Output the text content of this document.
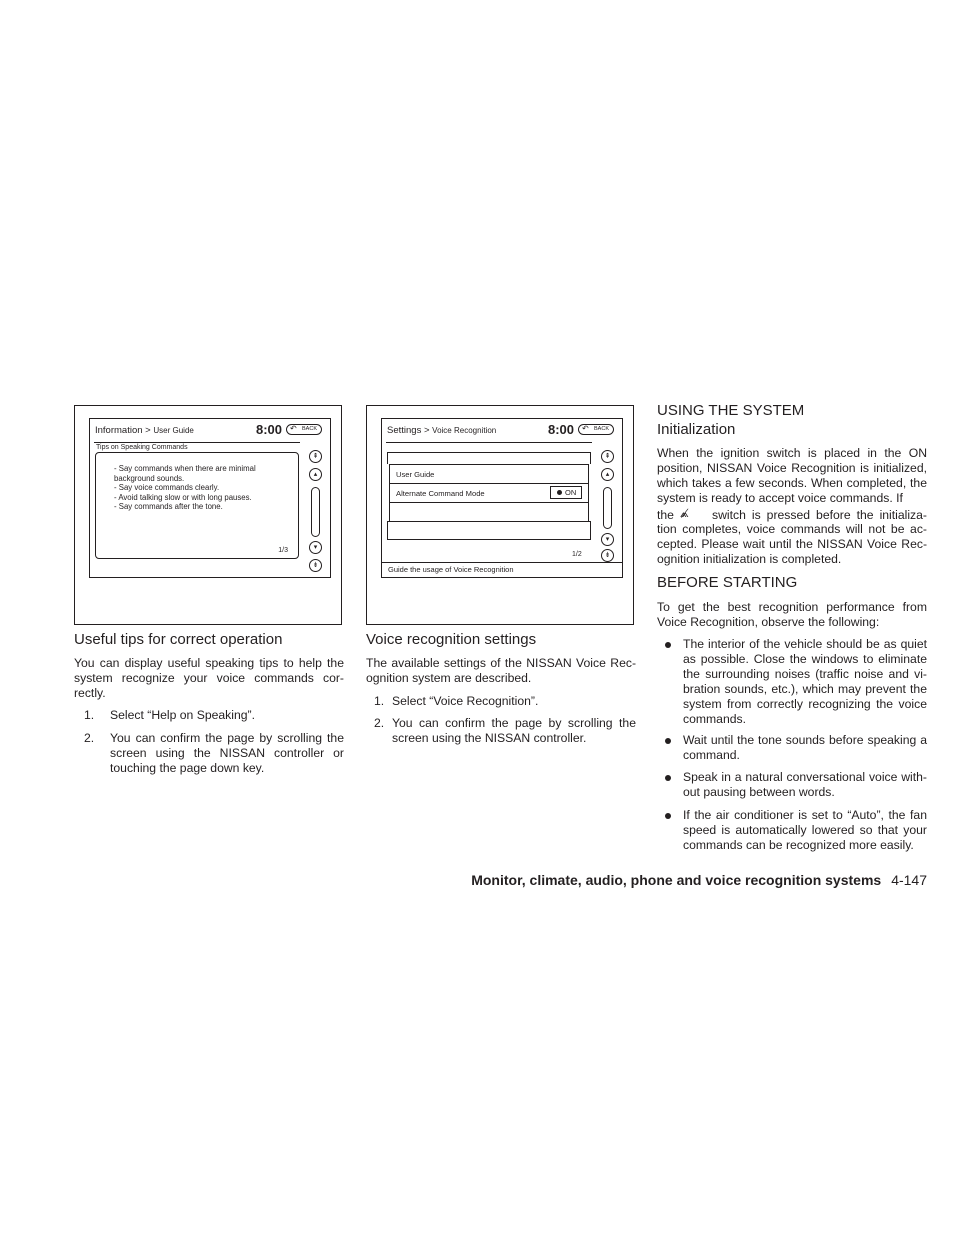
Information > User Guide	8:00 ↶ BACK
Tips on Speaking Commands
- Say commands when there are minimal
background sounds.
- Say voice commands clearly.
- Avoid talking slow or with long pauses.
- Say commands after the tone.
1/3
⇞
▴
▾
⇟
Useful tips for correct operation
You can display useful speaking tips to help the system recognize your voice commands cor-rectly.
1. Select “Help on Speaking”.
2. You can confirm the page by scrolling the screen using the NISSAN controller or touching the page down key.
Settings > Voice Recognition	8:00 ↶ BACK
User Guide
Alternate Command Mode	ON
1/2
⇞
▴
▾
⇟
Guide the usage of Voice Recognition
Voice recognition settings
The available settings of the NISSAN Voice Rec-ognition system are described.
1. Select “Voice Recognition”.
2. You can confirm the page by scrolling the screen using the NISSAN controller.
USING THE SYSTEM
Initialization
When the ignition switch is placed in the ON position, NISSAN Voice Recognition is initialized, which takes a few seconds. When completed, the system is ready to accept voice commands. If
the ⩕̸ switch is pressed before the initializa-
tion completes, voice commands will not be ac-cepted. Please wait until the NISSAN Voice Rec-ognition initialization is completed.
BEFORE STARTING
To get the best recognition performance from Voice Recognition, observe the following:
The interior of the vehicle should be as quiet as possible. Close the windows to eliminate the surrounding noises (traffic noise and vi-bration sounds, etc.), which may prevent the system from correctly recognizing the voice commands.
Wait until the tone sounds before speaking a command.
Speak in a natural conversational voice with-out pausing between words.
If the air conditioner is set to “Auto”, the fan speed is automatically lowered so that your commands can be recognized more easily.
Monitor, climate, audio, phone and voice recognition systems 4-147
